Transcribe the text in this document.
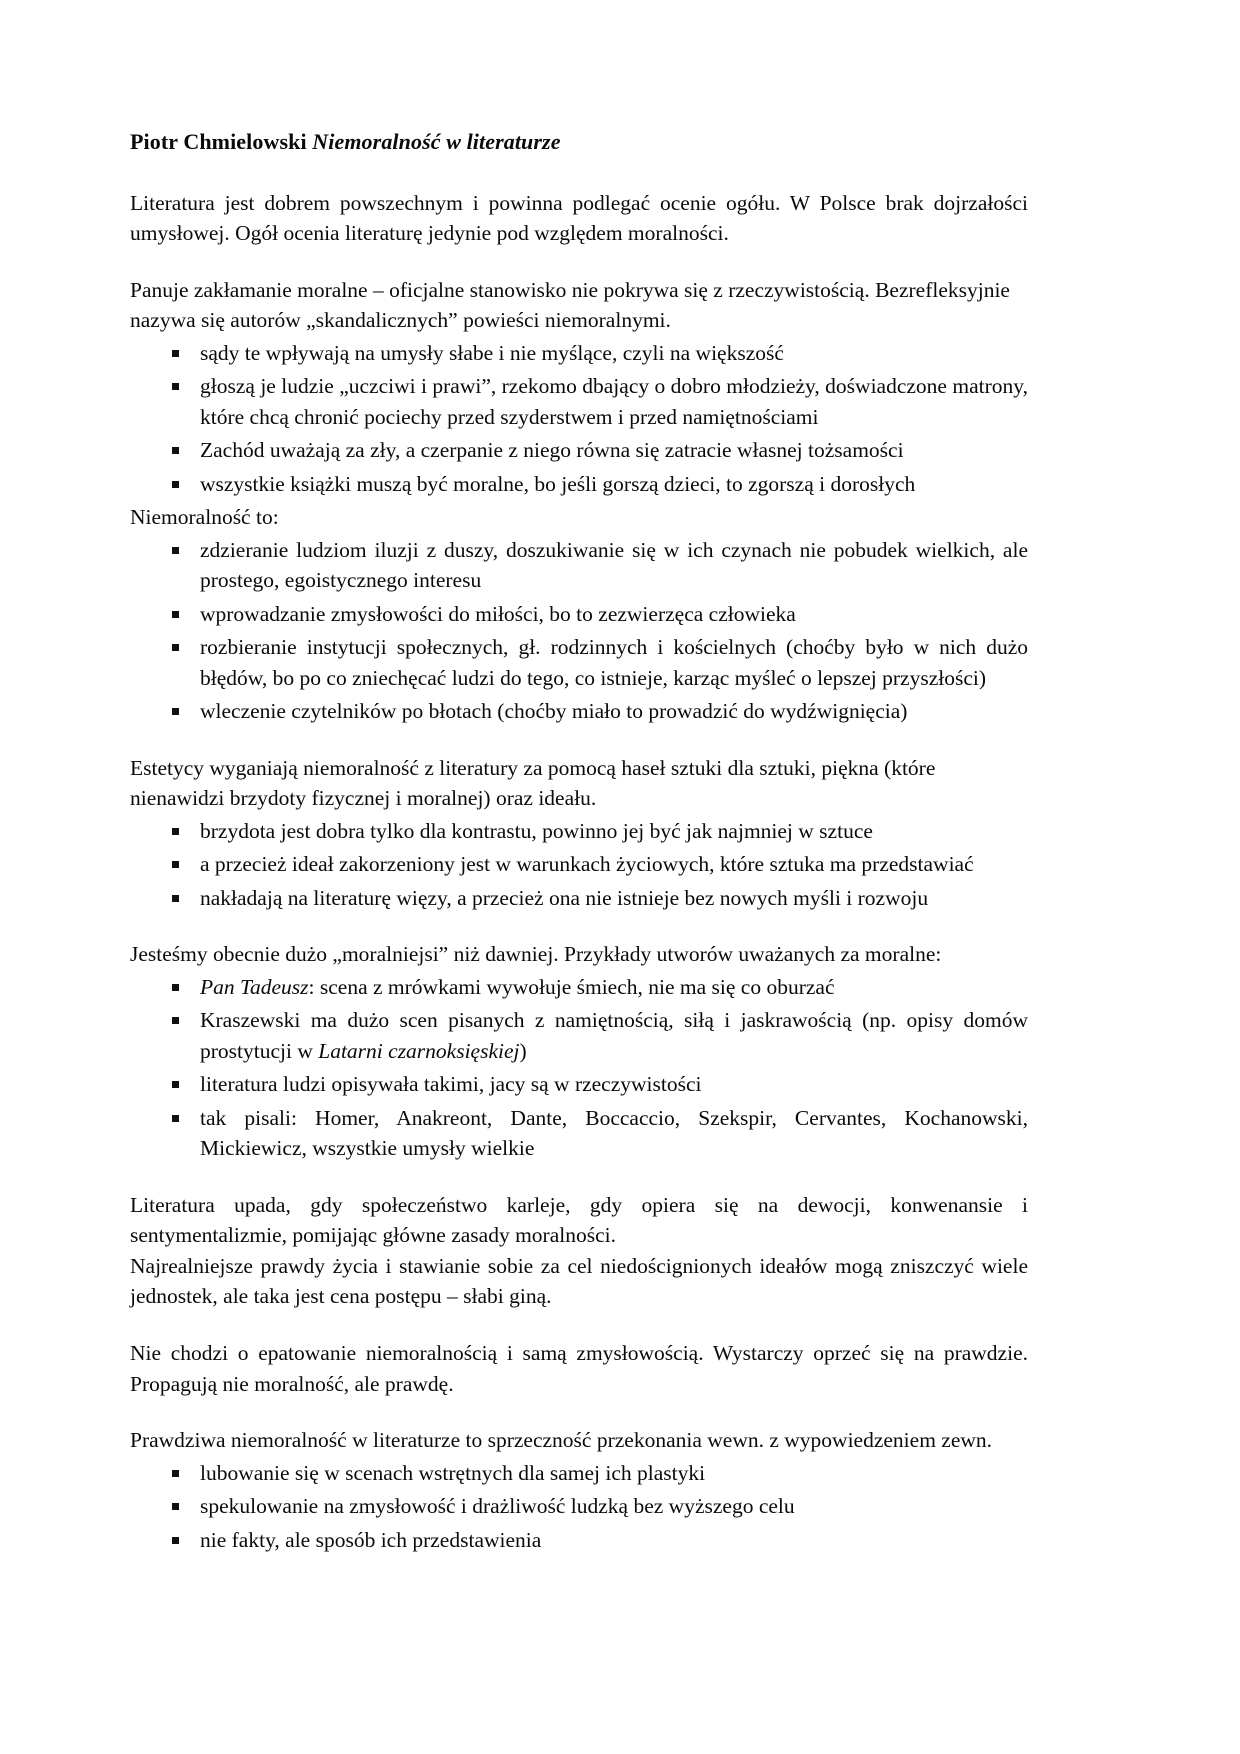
Piotr Chmielowski Niemoralność w literaturze

Literatura jest dobrem powszechnym i powinna podlegać ocenie ogółu. W Polsce brak dojrzałości umysłowej. Ogół ocenia literaturę jedynie pod względem moralności.

Panuje zakłamanie moralne – oficjalne stanowisko nie pokrywa się z rzeczywistością. Bezrefleksyjnie nazywa się autorów „skandalicznych” powieści niemoralnymi.

sądy te wpływają na umysły słabe i nie myślące, czyli na większość
głoszą je ludzie „uczciwi i prawi”, rzekomo dbający o dobro młodzieży, doświadczone matrony, które chcą chronić pociechy przed szyderstwem i przed namiętnościami
Zachód uważają za zły, a czerpanie z niego równa się zatracie własnej tożsamości
wszystkie książki muszą być moralne, bo jeśli gorszą dzieci, to zgorszą i dorosłych

Niemoralność to:

zdzieranie ludziom iluzji z duszy, doszukiwanie się w ich czynach nie pobudek wielkich, ale prostego, egoistycznego interesu
wprowadzanie zmysłowości do miłości, bo to zezwierzęca człowieka
rozbieranie instytucji społecznych, gł. rodzinnych i kościelnych (choćby było w nich dużo błędów, bo po co zniechęcać ludzi do tego, co istnieje, karząc myśleć o lepszej przyszłości)
wleczenie czytelników po błotach (choćby miało to prowadzić do wydźwignięcia)

Estetycy wyganiają niemoralność z literatury za pomocą haseł sztuki dla sztuki, piękna (które nienawidzi brzydoty fizycznej i moralnej) oraz ideału.

brzydota jest dobra tylko dla kontrastu, powinno jej być jak najmniej w sztuce
a przecież ideał zakorzeniony jest w warunkach życiowych, które sztuka ma przedstawiać
nakładają na literaturę więzy, a przecież ona nie istnieje bez nowych myśli i rozwoju

Jesteśmy obecnie dużo „moralniejsi” niż dawniej. Przykłady utworów uważanych za moralne:

Pan Tadeusz: scena z mrówkami wywołuje śmiech, nie ma się co oburzać
Kraszewski ma dużo scen pisanych z namiętnością, siłą i jaskrawością (np. opisy domów prostytucji w Latarni czarnoksięskiej)
literatura ludzi opisywała takimi, jacy są w rzeczywistości
tak pisali: Homer, Anakreont, Dante, Boccaccio, Szekspir, Cervantes, Kochanowski, Mickiewicz, wszystkie umysły wielkie

Literatura upada, gdy społeczeństwo karleje, gdy opiera się na dewocji, konwenansie i sentymentalizmie, pomijając główne zasady moralności.

Najrealniejsze prawdy życia i stawianie sobie za cel niedoścignionych ideałów mogą zniszczyć wiele jednostek, ale taka jest cena postępu – słabi giną.

Nie chodzi o epatowanie niemoralnością i samą zmysłowością. Wystarczy oprzeć się na prawdzie. Propagują nie moralność, ale prawdę.

Prawdziwa niemoralność w literaturze to sprzeczność przekonania wewn. z wypowiedzeniem zewn.

lubowanie się w scenach wstrętnych dla samej ich plastyki
spekulowanie na zmysłowość i drażliwość ludzką bez wyższego celu
nie fakty, ale sposób ich przedstawienia
